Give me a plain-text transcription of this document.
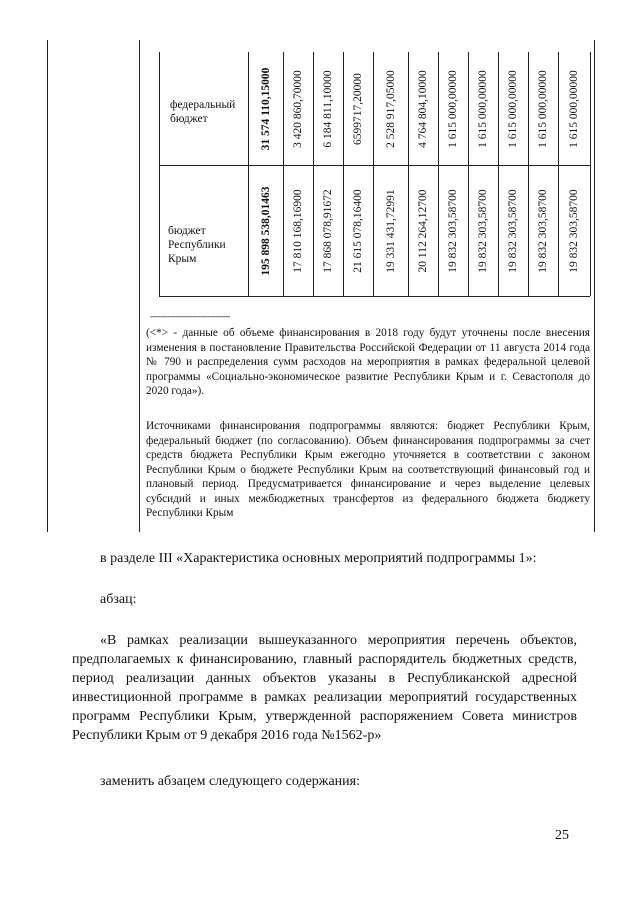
федеральный бюджет
бюджет Республики Крым
31 574 110,15000 3 420 860,70000 6 184 811,10000 6599717,20000 2 528 917,05000 4 764 804,10000 1 615 000,00000 1 615 000,00000 1 615 000,00000 1 615 000,00000 1 615 000,00000
195 898 538,01463 17 810 168,16900 17 868 078,91672 21 615 078,16400 19 331 431,72991 20 112 264,12700 19 832 303,58700 19 832 303,58700 19 832 303,58700 19 832 303,58700 19 832 303,58700
--------------------------------
(<*> - данные об объеме финансирования в 2018 году будут уточнены после внесения изменения в постановление Правительства Российской Федерации от 11 августа 2014 года № 790 и распределения сумм расходов на мероприятия в рамках федеральной целевой программы «Социально-экономическое развитие Республики Крым и г. Севастополя до 2020 года»).
Источниками финансирования подпрограммы являются: бюджет Республики Крым, федеральный бюджет (по согласованию). Объем финансирования подпрограммы за счет средств бюджета Республики Крым ежегодно уточняется в соответствии с законом Республики Крым о бюджете Республики Крым на соответствующий финансовый год и плановый период. Предусматривается финансирование и через выделение целевых субсидий и иных межбюджетных трансфертов из федерального бюджета бюджету Республики Крым
в разделе III «Характеристика основных мероприятий подпрограммы 1»:
абзац:
«В рамках реализации вышеуказанного мероприятия перечень объектов, предполагаемых к финансированию, главный распорядитель бюджетных средств, период реализации данных объектов указаны в Республиканской адресной инвестиционной программе в рамках реализации мероприятий государственных программ Республики Крым, утвержденной распоряжением Совета министров Республики Крым от 9 декабря 2016 года №1562-р»
заменить абзацем следующего содержания:
25
